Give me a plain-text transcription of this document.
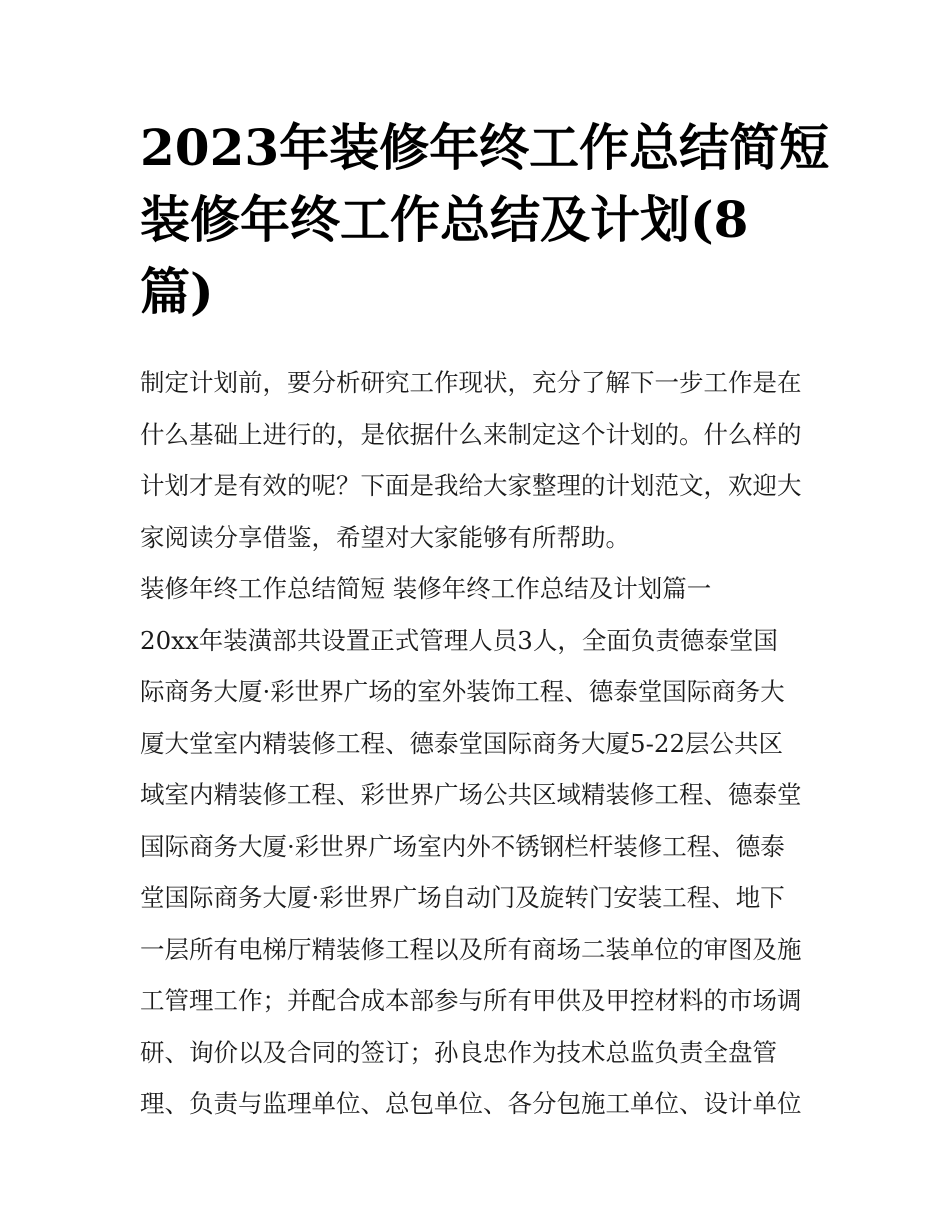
2023年装修年终工作总结简短
装修年终工作总结及计划(8
篇)
制定计划前，要分析研究工作现状，充分了解下一步工作是在
什么基础上进行的，是依据什么来制定这个计划的。什么样的
计划才是有效的呢？下面是我给大家整理的计划范文，欢迎大
家阅读分享借鉴，希望对大家能够有所帮助。
装修年终工作总结简短 装修年终工作总结及计划篇一
20xx年装潢部共设置正式管理人员3人，全面负责德泰堂国
际商务大厦·彩世界广场的室外装饰工程、德泰堂国际商务大
厦大堂室内精装修工程、德泰堂国际商务大厦5-22层公共区
域室内精装修工程、彩世界广场公共区域精装修工程、德泰堂
国际商务大厦·彩世界广场室内外不锈钢栏杆装修工程、德泰
堂国际商务大厦·彩世界广场自动门及旋转门安装工程、地下
一层所有电梯厅精装修工程以及所有商场二装单位的审图及施
工管理工作；并配合成本部参与所有甲供及甲控材料的市场调
研、询价以及合同的签订；孙良忠作为技术总监负责全盘管
理、负责与监理单位、总包单位、各分包施工单位、设计单位
